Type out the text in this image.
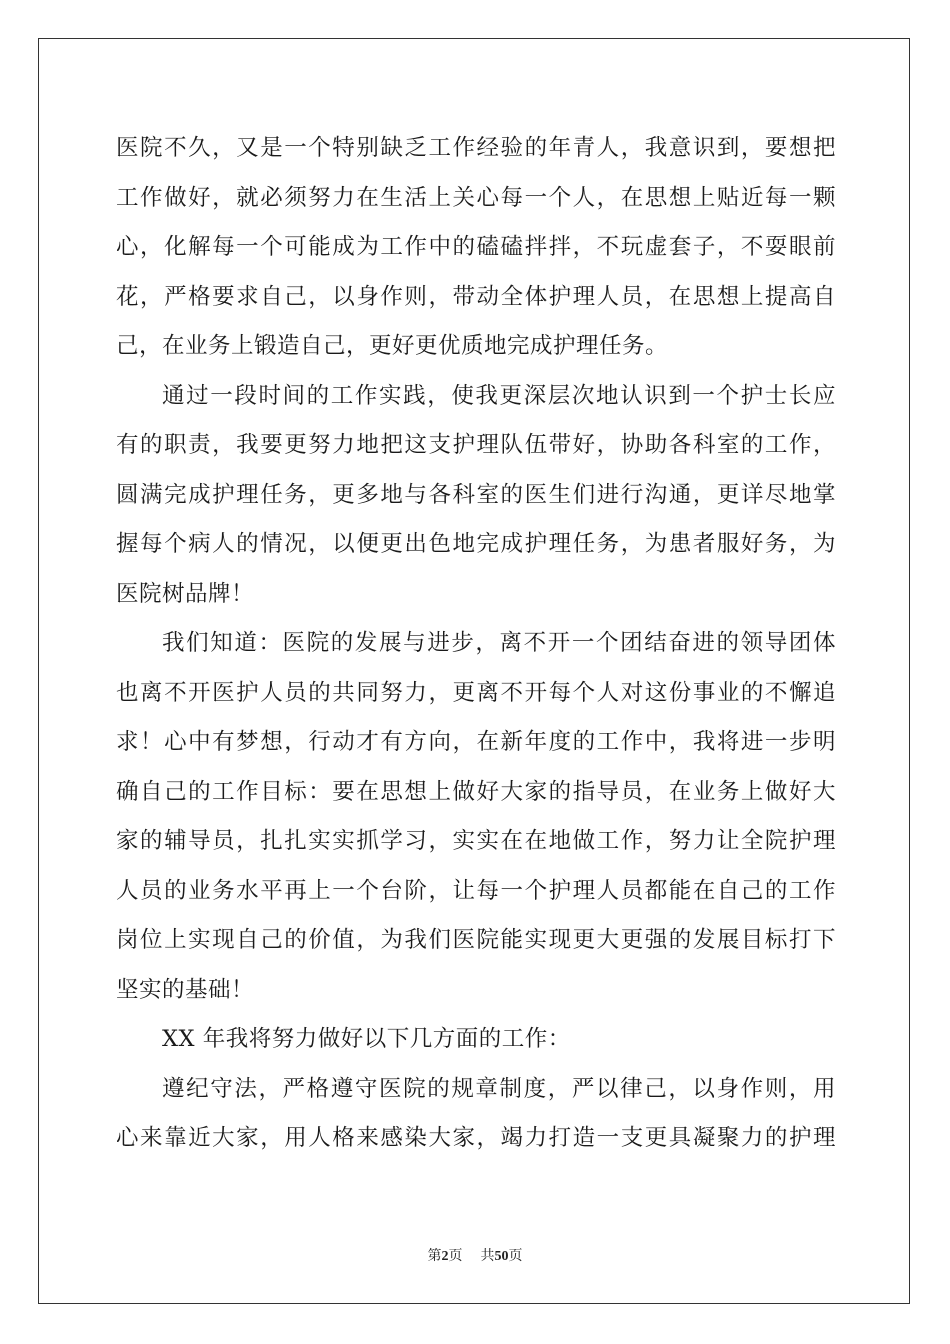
医院不久，又是一个特别缺乏工作经验的年青人，我意识到，要想把
工作做好，就必须努力在生活上关心每一个人，在思想上贴近每一颗
心，化解每一个可能成为工作中的磕磕拌拌，不玩虚套子，不耍眼前
花，严格要求自己，以身作则，带动全体护理人员，在思想上提高自
己，在业务上锻造自己，更好更优质地完成护理任务。
通过一段时间的工作实践，使我更深层次地认识到一个护士长应
有的职责，我要更努力地把这支护理队伍带好，协助各科室的工作，
圆满完成护理任务，更多地与各科室的医生们进行沟通，更详尽地掌
握每个病人的情况，以便更出色地完成护理任务，为患者服好务，为
医院树品牌！
我们知道：医院的发展与进步，离不开一个团结奋进的领导团体
也离不开医护人员的共同努力，更离不开每个人对这份事业的不懈追
求！心中有梦想，行动才有方向，在新年度的工作中，我将进一步明
确自己的工作目标：要在思想上做好大家的指导员，在业务上做好大
家的辅导员，扎扎实实抓学习，实实在在地做工作，努力让全院护理
人员的业务水平再上一个台阶，让每一个护理人员都能在自己的工作
岗位上实现自己的价值，为我们医院能实现更大更强的发展目标打下
坚实的基础！
XX 年我将努力做好以下几方面的工作：
遵纪守法，严格遵守医院的规章制度，严以律己，以身作则，用
心来靠近大家，用人格来感染大家，竭力打造一支更具凝聚力的护理
第2页 共50页
